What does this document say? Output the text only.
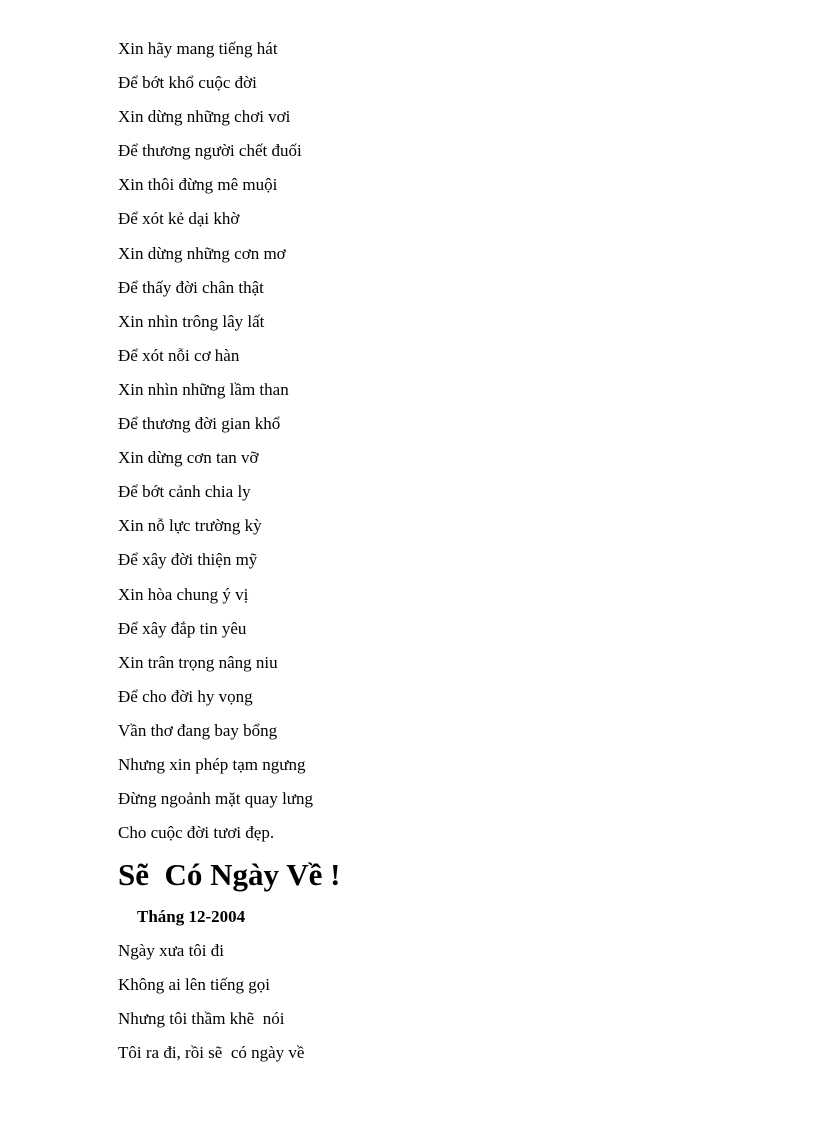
Xin hãy mang tiếng hát
Để bớt khổ cuộc đời
Xin dừng những chơi vơi
Để thương người chết đuối
Xin thôi đừng mê muội
Để xót kẻ dại khờ
Xin dừng những cơn mơ
Để thấy đời chân thật
Xin nhìn trông lây lất
Để xót nỗi cơ hàn
Xin nhìn những lầm than
Để thương đời gian khổ
Xin dừng cơn tan vỡ
Để bớt cảnh chia ly
Xin nỗ lực trường kỳ
Để xây đời thiện mỹ
Xin hòa chung ý vị
Để xây đắp tin yêu
Xin trân trọng nâng niu
Để cho đời hy vọng
Vần thơ đang bay bổng
Nhưng xin phép tạm ngưng
Đừng ngoảnh mặt quay lưng
Cho cuộc đời tươi đẹp.
Sẽ  Có Ngày Về !

Tháng 12-2004

Ngày xưa tôi đi
Không ai lên tiếng gọi
Nhưng tôi thầm khẽ  nói
Tôi ra đi, rồi sẽ  có ngày về
